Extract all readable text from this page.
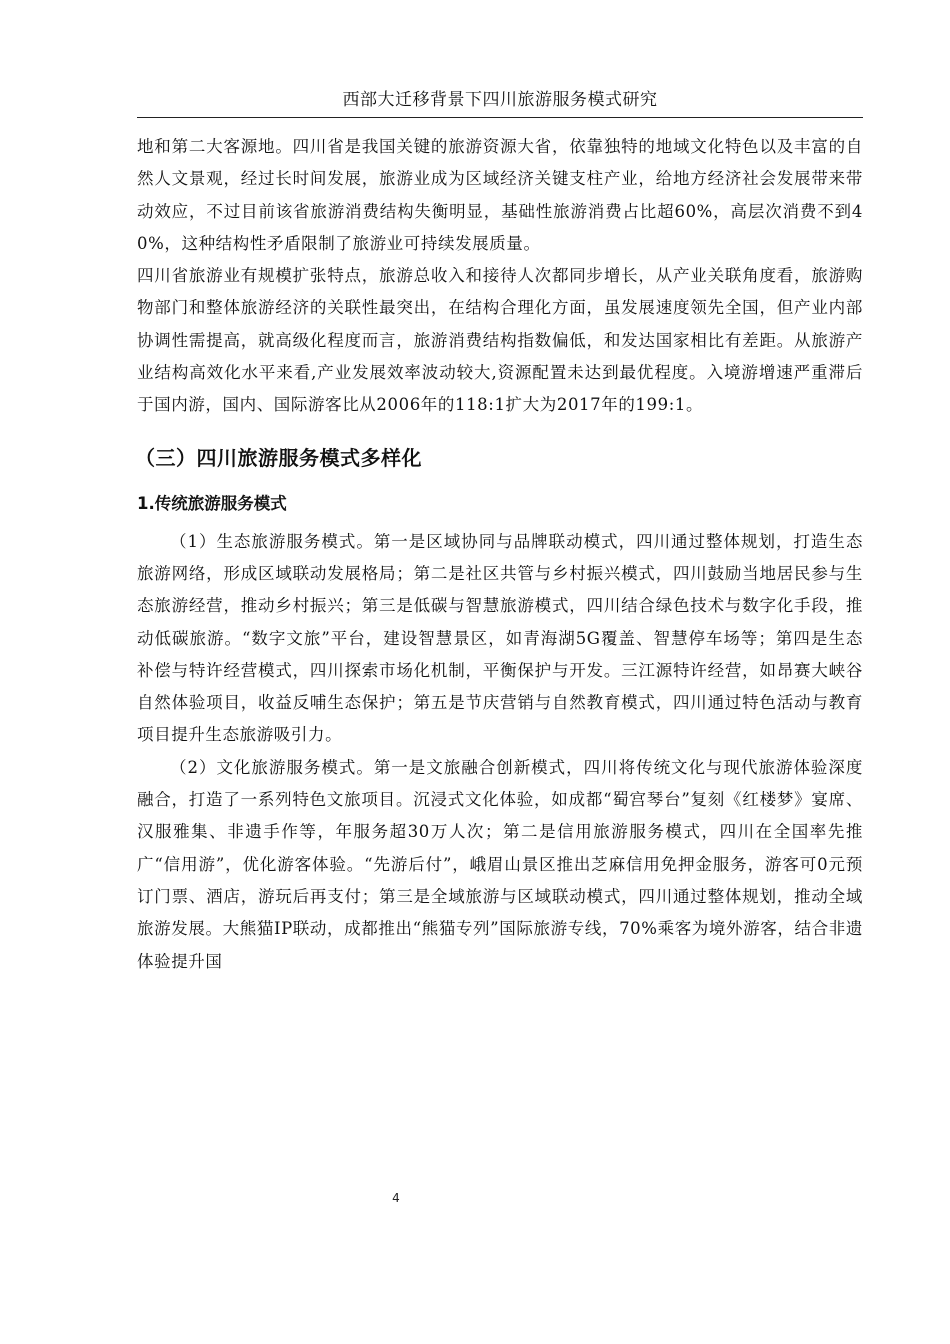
西部大迁移背景下四川旅游服务模式研究

地和第二大客源地。四川省是我国关键的旅游资源大省，依靠独特的地域文化特色以及丰富的自然人文景观，经过长时间发展，旅游业成为区域经济关键支柱产业，给地方经济社会发展带来带动效应，不过目前该省旅游消费结构失衡明显，基础性旅游消费占比超60%，高层次消费不到40%，这种结构性矛盾限制了旅游业可持续发展质量。

四川省旅游业有规模扩张特点，旅游总收入和接待人次都同步增长，从产业关联角度看，旅游购物部门和整体旅游经济的关联性最突出，在结构合理化方面，虽发展速度领先全国，但产业内部协调性需提高，就高级化程度而言，旅游消费结构指数偏低，和发达国家相比有差距。从旅游产业结构高效化水平来看,产业发展效率波动较大,资源配置未达到最优程度。入境游增速严重滞后于国内游，国内、国际游客比从2006年的118:1扩大为2017年的199:1。

（三）四川旅游服务模式多样化
1.传统旅游服务模式

（1）生态旅游服务模式。第一是区域协同与品牌联动模式，四川通过整体规划，打造生态旅游网络，形成区域联动发展格局；第二是社区共管与乡村振兴模式，四川鼓励当地居民参与生态旅游经营，推动乡村振兴；第三是低碳与智慧旅游模式，四川结合绿色技术与数字化手段，推动低碳旅游。“数字文旅”平台，建设智慧景区，如青海湖5G覆盖、智慧停车场等；第四是生态补偿与特许经营模式，四川探索市场化机制，平衡保护与开发。三江源特许经营，如昂赛大峡谷自然体验项目，收益反哺生态保护；第五是节庆营销与自然教育模式，四川通过特色活动与教育项目提升生态旅游吸引力。

（2）文化旅游服务模式。第一是文旅融合创新模式，四川将传统文化与现代旅游体验深度融合，打造了一系列特色文旅项目。沉浸式文化体验，如成都“蜀宫琴台”复刻《红楼梦》宴席、汉服雅集、非遗手作等，年服务超30万人次；第二是信用旅游服务模式，四川在全国率先推广“信用游”，优化游客体验。“先游后付”，峨眉山景区推出芝麻信用免押金服务，游客可0元预订门票、酒店，游玩后再支付；第三是全域旅游与区域联动模式，四川通过整体规划，推动全域旅游发展。大熊猫IP联动，成都推出“熊猫专列”国际旅游专线，70%乘客为境外游客，结合非遗体验提升国

4
